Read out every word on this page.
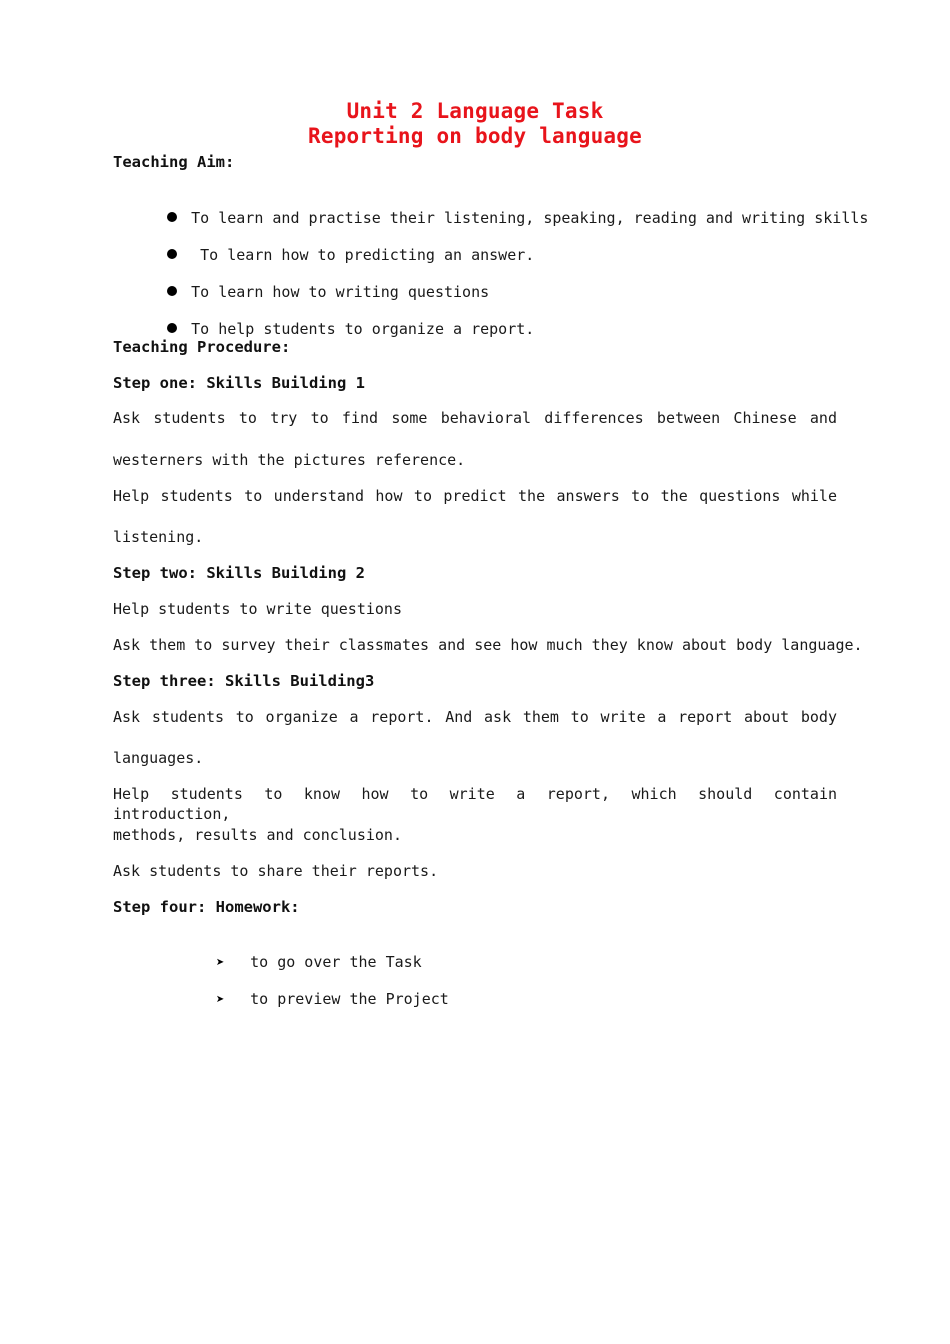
Unit 2 Language Task
Reporting on body language
Teaching Aim:

To learn and practise their listening, speaking, reading and writing skills

To learn how to predicting an answer.

To learn how to writing questions

To help students to organize a report.

Teaching Procedure:
Step one: Skills Building 1
Ask students to try to find some behavioral differences between Chinese and
westerners with the pictures reference.
Help students to understand how to predict the answers to the questions while
listening.
Step two: Skills Building 2
Help students to write questions
Ask them to survey their classmates and see how much they know about body language.
Step three: Skills Building3
Ask students to organize a report. And ask them to write a report about body
languages.
Help students to know how to write a report, which should contain introduction,
methods, results and conclusion.
Ask students to share their reports.
Step four: Homework:

➤ to go over the Task

➤ to preview the Project
